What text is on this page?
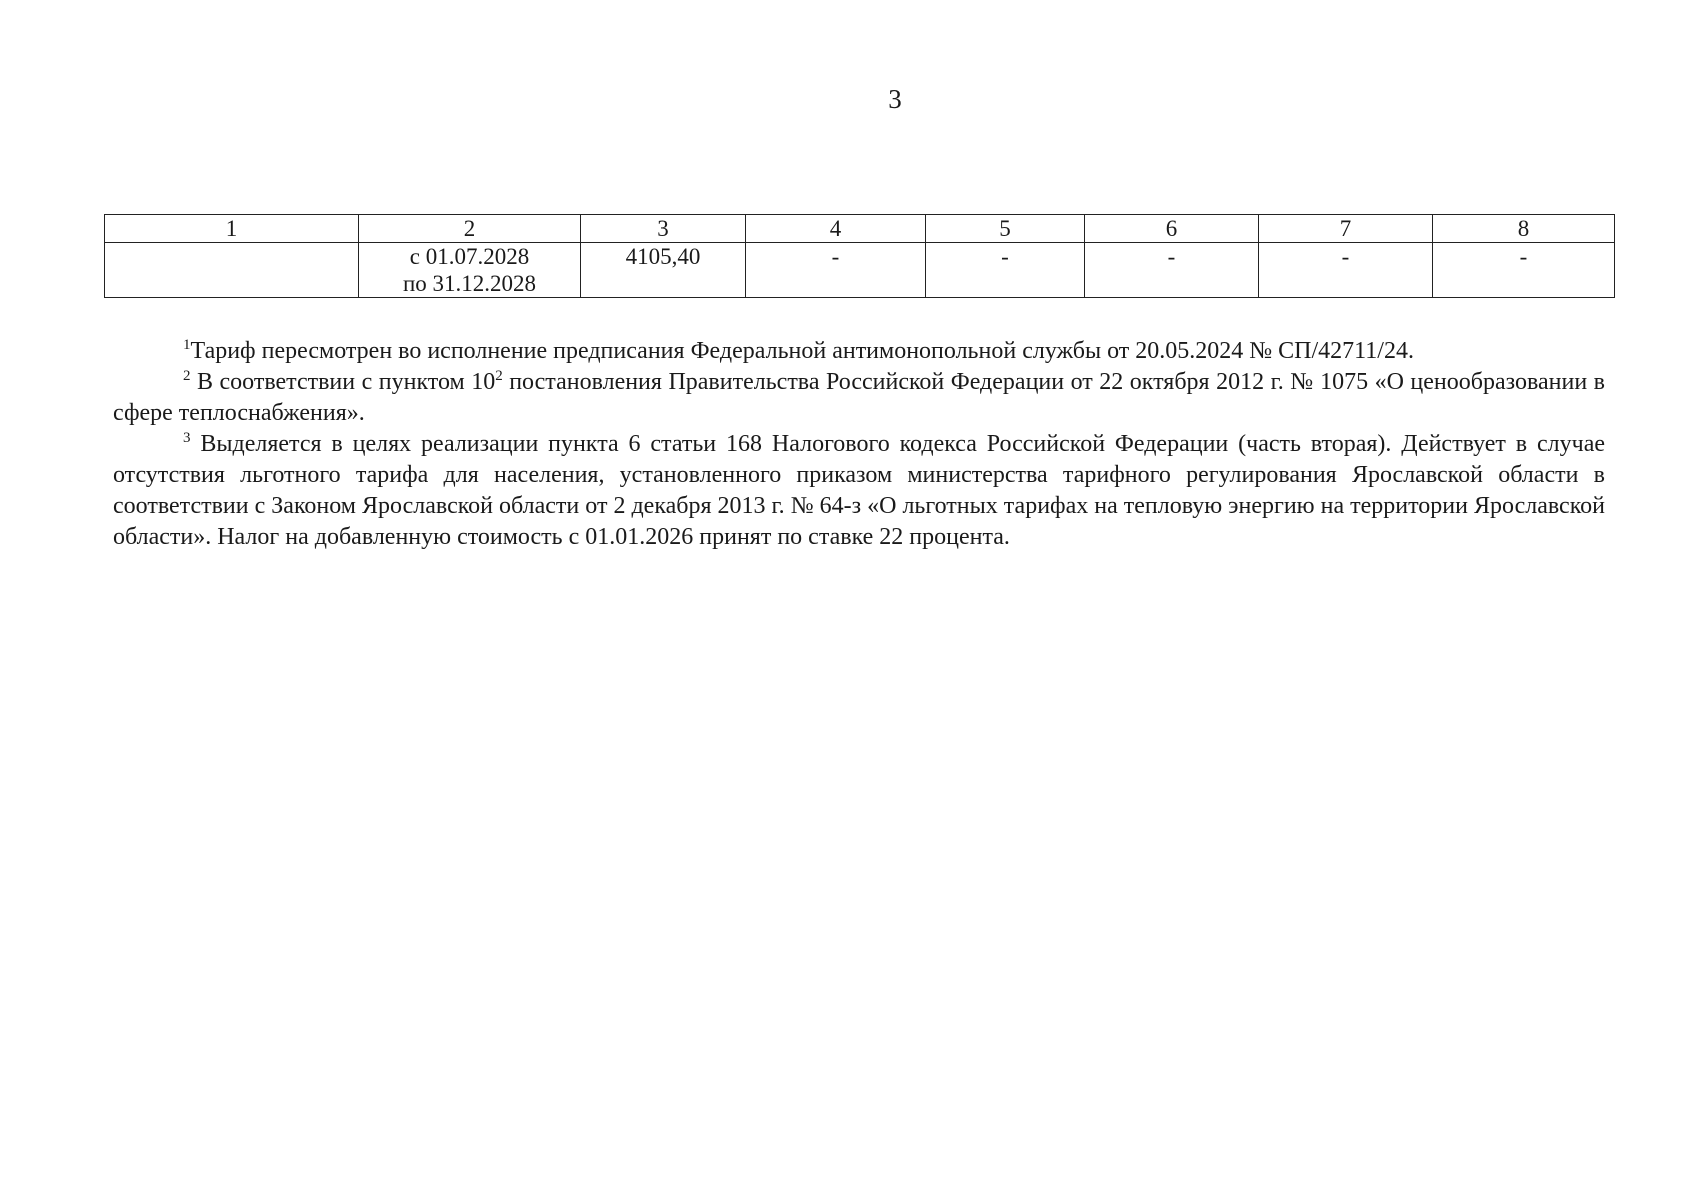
3
1	2	3	4	5	6	7	8

	с 01.07.2028
по 31.12.2028	4105,40	-	-	-	-	-

$^1$Тариф пересмотрен во исполнение предписания Федеральной антимонопольной службы от 20.05.2024 № СП/42711/24.

$^2$ В соответствии с пунктом $10^2$ постановления Правительства Российской Федерации от 22 октября 2012 г. № 1075 «О ценообразовании в сфере теплоснабжения».

$^3$ Выделяется в целях реализации пункта 6 статьи 168 Налогового кодекса Российской Федерации (часть вторая). Действует в случае отсутствия льготного тарифа для населения, установленного приказом министерства тарифного регулирования Ярославской области в соответствии с Законом Ярославской области от 2 декабря 2013 г. № 64-з «О льготных тарифах на тепловую энергию на территории Ярославской области». Налог на добавленную стоимость с 01.01.2026 принят по ставке 22 процента.
